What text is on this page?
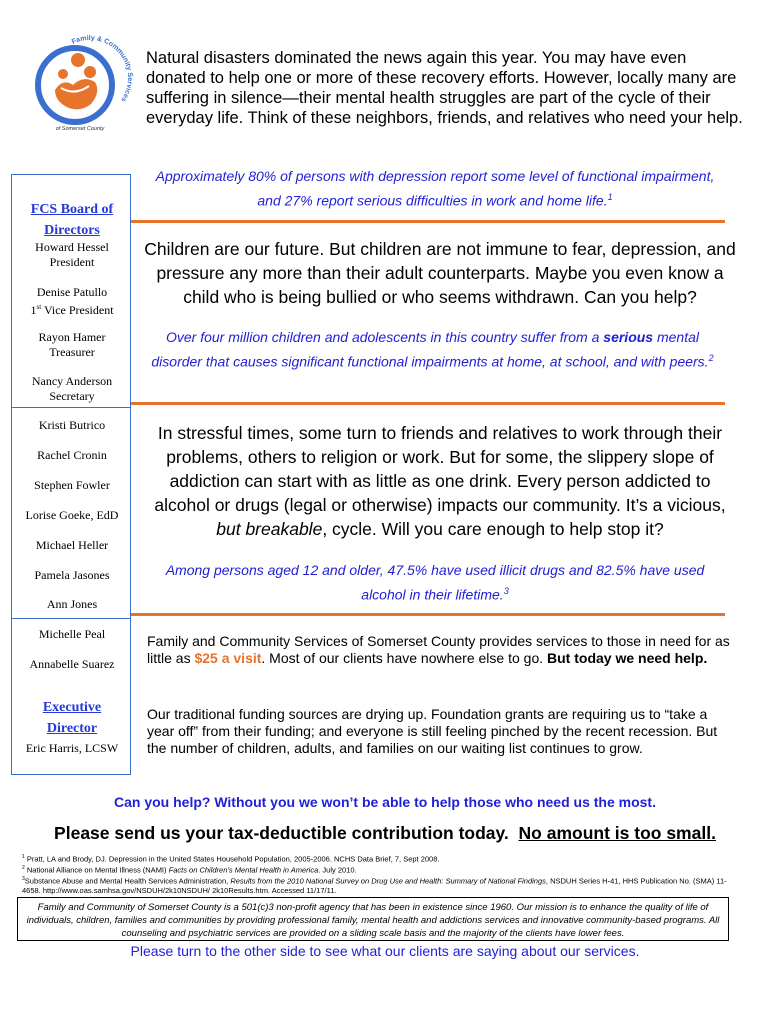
Family & Community Services
of Somerset County
Natural disasters dominated the news again this year. You may have even donated to help one or more of these recovery efforts. However, locally many are suffering in silence—their mental health struggles are part of the cycle of their everyday life. Think of these neighbors, friends, and relatives who need your help.
Approximately 80% of persons with depression report some level of functional impairment, and 27% report serious difficulties in work and home life.$^1$
Children are our future. But children are not immune to fear, depression, and pressure any more than their adult counterparts. Maybe you even know a child who is being bullied or who seems withdrawn. Can you help?
Over four million children and adolescents in this country suffer from a serious mental disorder that causes significant functional impairments at home, at school, and with peers.$^2$
In stressful times, some turn to friends and relatives to work through their problems, others to religion or work. But for some, the slippery slope of addiction can start with as little as one drink. Every person addicted to alcohol or drugs (legal or otherwise) impacts our community. It’s a vicious, but breakable, cycle. Will you care enough to help stop it?
Among persons aged 12 and older, 47.5% have used illicit drugs and 82.5% have used alcohol in their lifetime.$^3$
Family and Community Services of Somerset County provides services to those in need for as little as $25 a visit. Most of our clients have nowhere else to go. But today we need help.
Our traditional funding sources are drying up. Foundation grants are requiring us to “take a year off” from their funding; and everyone is still feeling pinched by the recent recession. But the number of children, adults, and families on our waiting list continues to grow.
FCS Board of Directors
Howard Hessel
President
Denise Patullo
1st Vice President
Rayon Hamer
Treasurer
Nancy Anderson
Secretary
Kristi Butrico
Rachel Cronin
Stephen Fowler
Lorise Goeke, EdD
Michael Heller
Pamela Jasones
Ann Jones
Michelle Peal
Annabelle Suarez
Executive Director
Eric Harris, LCSW
Can you help? Without you we won’t be able to help those who need us the most.
Please send us your tax-deductible contribution today. No amount is too small.
$^1$ Pratt, LA and Brody, DJ. Depression in the United States Household Population, 2005-2006. NCHS Data Brief, 7, Sept 2008.
$^2$ National Alliance on Mental Illness (NAMI) Facts on Children’s Mental Health in America. July 2010.
$^3$Substance Abuse and Mental Health Services Administration, Results from the 2010 National Survey on Drug Use and Health: Summary of National Findings, NSDUH Series H-41, HHS Publication No. (SMA) 11-4658. http://www.oas.samhsa.gov/NSDUH/2k10NSDUH/ 2k10Results.htm. Accessed 11/17/11.
Family and Community of Somerset County is a 501(c)3 non-profit agency that has been in existence since 1960. Our mission is to enhance the quality of life of individuals, children, families and communities by providing professional family, mental health and addictions services and innovative community-based programs. All counseling and psychiatric services are provided on a sliding scale basis and the majority of the clients have lower fees.
Please turn to the other side to see what our clients are saying about our services.
